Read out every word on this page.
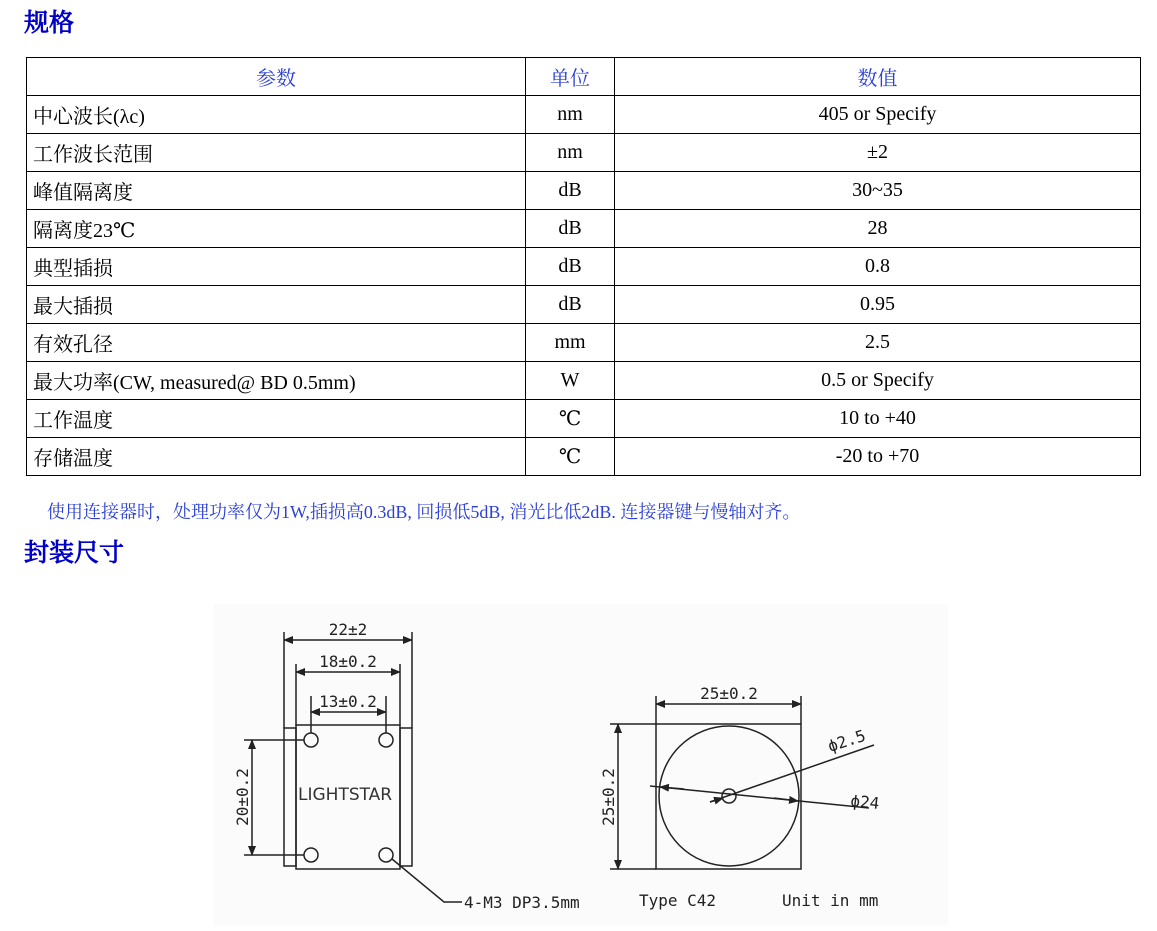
规格
参数	单位	数值
中心波长(λc)	nm	405 or Specify
工作波长范围	nm	±2
峰值隔离度	dB	30~35
隔离度23℃	dB	28
典型插损	dB	0.8
最大插损	dB	0.95
有效孔径	mm	2.5
最大功率(CW, measured@ BD 0.5mm)	W	0.5 or Specify
工作温度	℃	10 to +40
存储温度	℃	-20 to +70
使用连接器时，处理功率仅为1W,插损高0.3dB, 回损低5dB, 消光比低2dB. 连接器键与慢轴对齐。
封装尺寸
22±2
18±0.2
13±0.2
20±0.2	LIGHTSTAR
4-M3 DP3.5mm
25±0.2
25±0.2
ϕ2.5
ϕ24
Type C42	Unit in mm
